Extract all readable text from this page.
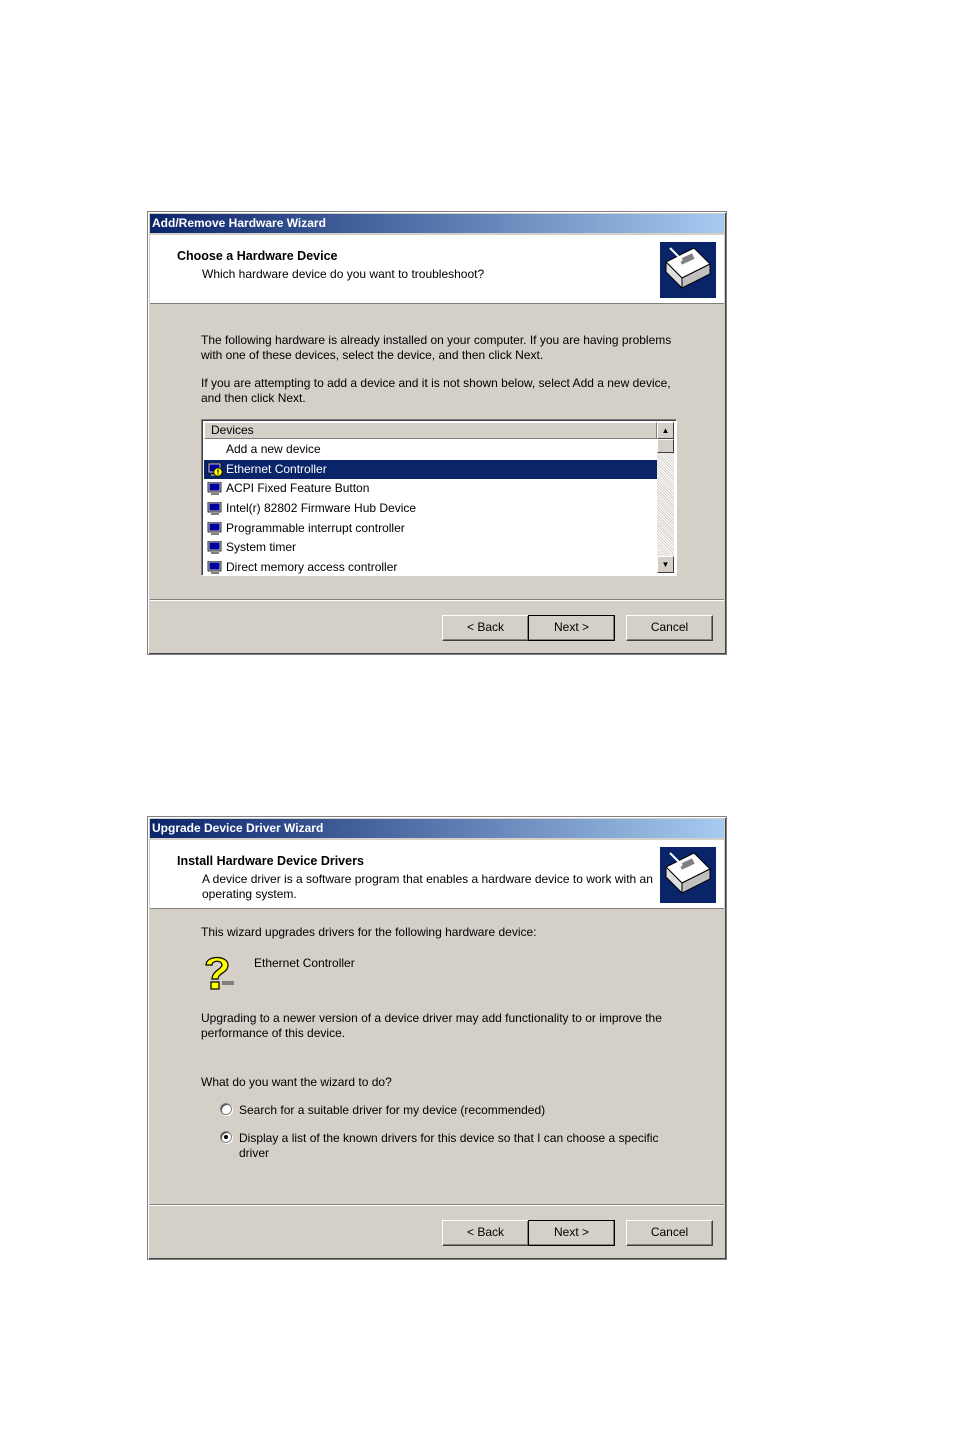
Add/Remove Hardware Wizard
Choose a Hardware Device
Which hardware device do you want to troubleshoot?
The following hardware is already installed on your computer. If you are having problems with one of these devices, select the device, and then click Next.
If you are attempting to add a device and it is not shown below, select Add a new device, and then click Next.
Devices
Add a new device
Ethernet Controller
ACPI Fixed Feature Button
Intel(r) 82802 Firmware Hub Device
Programmable interrupt controller
System timer
Direct memory access controller
▲
▼
< Back	Next >	Cancel
Upgrade Device Driver Wizard
Install Hardware Device Drivers
A device driver is a software program that enables a hardware device to work with an operating system.
This wizard upgrades drivers for the following hardware device:
Ethernet Controller
Upgrading to a newer version of a device driver may add functionality to or improve the performance of this device.
What do you want the wizard to do?
Search for a suitable driver for my device (recommended)
Display a list of the known drivers for this device so that I can choose a specific driver
< Back	Next >	Cancel
